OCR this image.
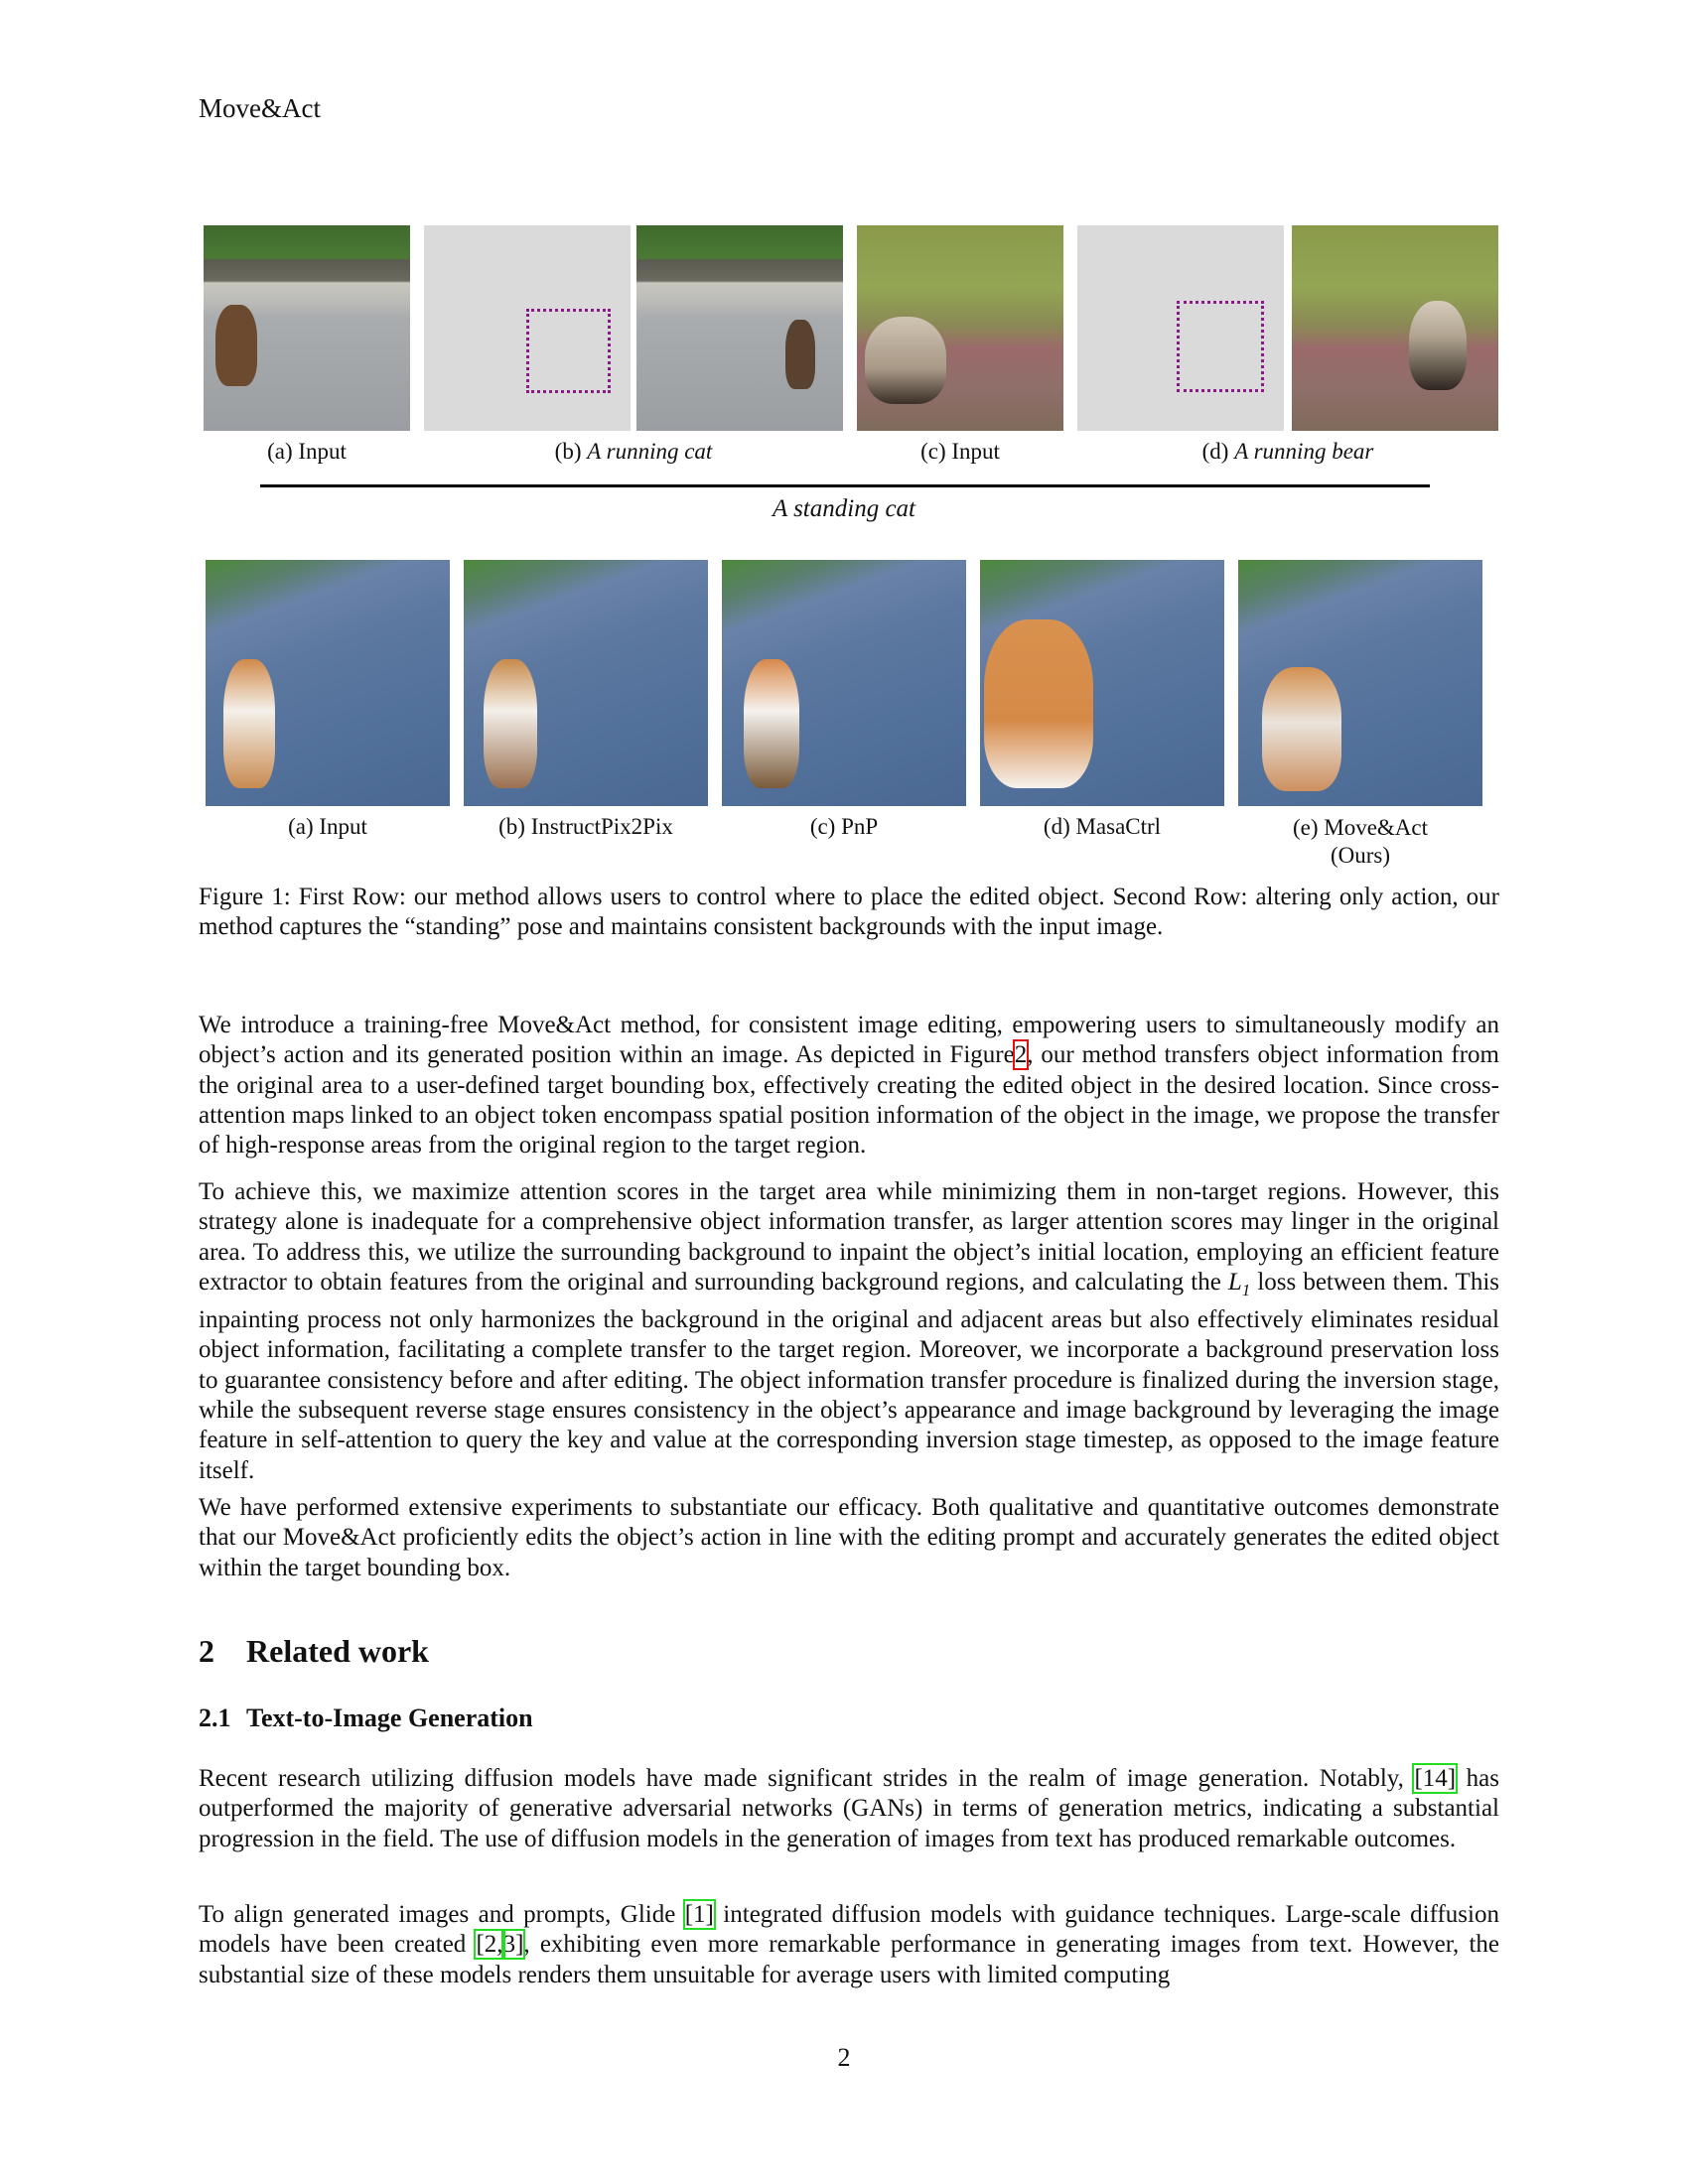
Move&Act
(a) Input	(b) A running cat	(c) Input	(d) A running bear
A standing cat
(a) Input	(b) InstructPix2Pix	(c) PnP	(d) MasaCtrl	(e) Move&Act
(Ours)
Figure 1: First Row: our method allows users to control where to place the edited object. Second Row: altering only action, our method captures the “standing” pose and maintains consistent backgrounds with the input image.
We introduce a training-free Move&Act method, for consistent image editing, empowering users to simultaneously modify an object’s action and its generated position within an image. As depicted in Figure2, our method transfers object information from the original area to a user-defined target bounding box, effectively creating the edited object in the desired location. Since cross-attention maps linked to an object token encompass spatial position information of the object in the image, we propose the transfer of high-response areas from the original region to the target region.
To achieve this, we maximize attention scores in the target area while minimizing them in non-target regions. However, this strategy alone is inadequate for a comprehensive object information transfer, as larger attention scores may linger in the original area. To address this, we utilize the surrounding background to inpaint the object’s initial location, employing an efficient feature extractor to obtain features from the original and surrounding background regions, and calculating the $L_1$ loss between them. This inpainting process not only harmonizes the background in the original and adjacent areas but also effectively eliminates residual object information, facilitating a complete transfer to the target region. Moreover, we incorporate a background preservation loss to guarantee consistency before and after editing. The object information transfer procedure is finalized during the inversion stage, while the subsequent reverse stage ensures consistency in the object’s appearance and image background by leveraging the image feature in self-attention to query the key and value at the corresponding inversion stage timestep, as opposed to the image feature itself.
We have performed extensive experiments to substantiate our efficacy. Both qualitative and quantitative outcomes demonstrate that our Move&Act proficiently edits the object’s action in line with the editing prompt and accurately generates the edited object within the target bounding box.
2 Related work
2.1 Text-to-Image Generation
Recent research utilizing diffusion models have made significant strides in the realm of image generation. Notably, [14] has outperformed the majority of generative adversarial networks (GANs) in terms of generation metrics, indicating a substantial progression in the field. The use of diffusion models in the generation of images from text has produced remarkable outcomes.
To align generated images and prompts, Glide [1] integrated diffusion models with guidance techniques. Large-scale diffusion models have been created [2,3], exhibiting even more remarkable performance in generating images from text. However, the substantial size of these models renders them unsuitable for average users with limited computing
2
